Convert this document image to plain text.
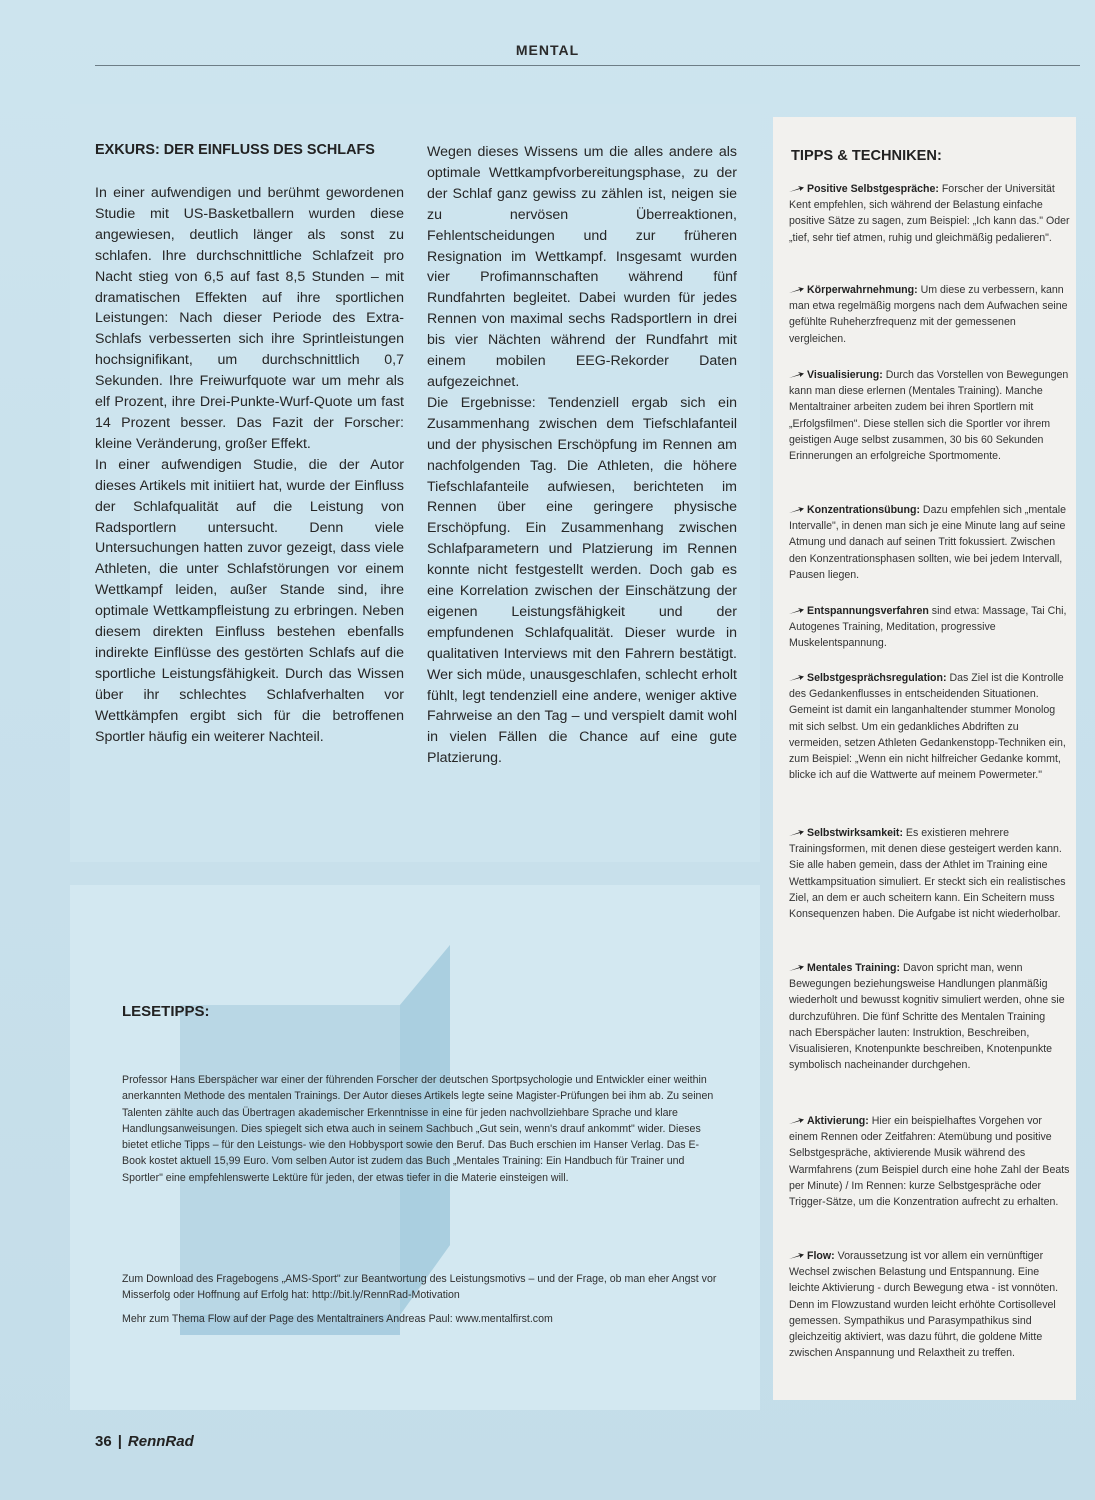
MENTAL
EXKURS: DER EINFLUSS DES SCHLAFS

In einer aufwendigen und berühmt gewordenen Studie mit US-Basketballern wurden diese angewiesen, deutlich länger als sonst zu schlafen. Ihre durchschnittliche Schlafzeit pro Nacht stieg von 6,5 auf fast 8,5 Stunden – mit dramatischen Effekten auf ihre sportlichen Leistungen: Nach dieser Periode des Extra-Schlafs verbesserten sich ihre Sprintleistungen hochsignifikant, um durchschnittlich 0,7 Sekunden. Ihre Freiwurfquote war um mehr als elf Prozent, ihre Drei-Punkte-Wurf-Quote um fast 14 Prozent besser. Das Fazit der Forscher: kleine Veränderung, großer Effekt.

In einer aufwendigen Studie, die der Autor dieses Artikels mit initiiert hat, wurde der Einfluss der Schlafqualität auf die Leistung von Radsportlern untersucht. Denn viele Untersuchungen hatten zuvor gezeigt, dass viele Athleten, die unter Schlafstörungen vor einem Wettkampf leiden, außer Stande sind, ihre optimale Wettkampfleistung zu erbringen. Neben diesem direkten Einfluss bestehen ebenfalls indirekte Einflüsse des gestörten Schlafs auf die sportliche Leistungsfähigkeit. Durch das Wissen über ihr schlechtes Schlafverhalten vor Wettkämpfen ergibt sich für die betroffenen Sportler häufig ein weiterer Nachteil.

Wegen dieses Wissens um die alles andere als optimale Wettkampfvorbereitungsphase, zu der der Schlaf ganz gewiss zu zählen ist, neigen sie zu nervösen Überreaktionen, Fehlentscheidungen und zur früheren Resignation im Wettkampf. Insgesamt wurden vier Profimannschaften während fünf Rundfahrten begleitet. Dabei wurden für jedes Rennen von maximal sechs Radsportlern in drei bis vier Nächten während der Rundfahrt mit einem mobilen EEG-Rekorder Daten aufgezeichnet.

Die Ergebnisse: Tendenziell ergab sich ein Zusammenhang zwischen dem Tiefschlafanteil und der physischen Erschöpfung im Rennen am nachfolgenden Tag. Die Athleten, die höhere Tiefschlafanteile aufwiesen, berichteten im Rennen über eine geringere physische Erschöpfung. Ein Zusammenhang zwischen Schlafparametern und Platzierung im Rennen konnte nicht festgestellt werden. Doch gab es eine Korrelation zwischen der Einschätzung der eigenen Leistungsfähigkeit und der empfundenen Schlafqualität. Dieser wurde in qualitativen Interviews mit den Fahrern bestätigt. Wer sich müde, unausgeschlafen, schlecht erholt fühlt, legt tendenziell eine andere, weniger aktive Fahrweise an den Tag – und verspielt damit wohl in vielen Fällen die Chance auf eine gute Platzierung.

LESETIPPS:

Professor Hans Eberspächer war einer der führenden Forscher der deutschen Sportpsychologie und Entwickler einer weithin anerkannten Methode des mentalen Trainings. Der Autor dieses Artikels legte seine Magister-Prüfungen bei ihm ab. Zu seinen Talenten zählte auch das Übertragen akademischer Erkenntnisse in eine für jeden nachvollziehbare Sprache und klare Handlungsanweisungen. Dies spiegelt sich etwa auch in seinem Sachbuch „Gut sein, wenn's drauf ankommt" wider. Dieses bietet etliche Tipps – für den Leistungs- wie den Hobbysport sowie den Beruf. Das Buch erschien im Hanser Verlag. Das E-Book kostet aktuell 15,99 Euro. Vom selben Autor ist zudem das Buch „Mentales Training: Ein Handbuch für Trainer und Sportler" eine empfehlenswerte Lektüre für jeden, der etwas tiefer in die Materie einsteigen will.

Zum Download des Fragebogens „AMS-Sport" zur Beantwortung des Leistungsmotivs – und der Frage, ob man eher Angst vor Misserfolg oder Hoffnung auf Erfolg hat: http://bit.ly/RennRad-Motivation

Mehr zum Thema Flow auf der Page des Mentaltrainers Andreas Paul: www.mentalfirst.com

TIPPS & TECHNIKEN:
Positive Selbstgespräche: Forscher der Universität Kent empfehlen, sich während der Belastung einfache positive Sätze zu sagen, zum Beispiel: „Ich kann das." Oder „tief, sehr tief atmen, ruhig und gleichmäßig pedalieren".
Körperwahrnehmung: Um diese zu verbessern, kann man etwa regelmäßig morgens nach dem Aufwachen seine gefühlte Ruheherzfrequenz mit der gemessenen vergleichen.
Visualisierung: Durch das Vorstellen von Bewegungen kann man diese erlernen (Mentales Training). Manche Mentaltrainer arbeiten zudem bei ihren Sportlern mit „Erfolgsfilmen". Diese stellen sich die Sportler vor ihrem geistigen Auge selbst zusammen, 30 bis 60 Sekunden Erinnerungen an erfolgreiche Sportmomente.
Konzentrationsübung: Dazu empfehlen sich „mentale Intervalle", in denen man sich je eine Minute lang auf seine Atmung und danach auf seinen Tritt fokussiert. Zwischen den Konzentrationsphasen sollten, wie bei jedem Intervall, Pausen liegen.
Entspannungsverfahren sind etwa: Massage, Tai Chi, Autogenes Training, Meditation, progressive Muskelentspannung.
Selbstgesprächsregulation: Das Ziel ist die Kontrolle des Gedankenflusses in entscheidenden Situationen. Gemeint ist damit ein langanhaltender stummer Monolog mit sich selbst. Um ein gedankliches Abdriften zu vermeiden, setzen Athleten Gedankenstopp-Techniken ein, zum Beispiel: „Wenn ein nicht hilfreicher Gedanke kommt, blicke ich auf die Wattwerte auf meinem Powermeter."
Selbstwirksamkeit: Es existieren mehrere Trainingsformen, mit denen diese gesteigert werden kann. Sie alle haben gemein, dass der Athlet im Training eine Wettkampsituation simuliert. Er steckt sich ein realistisches Ziel, an dem er auch scheitern kann. Ein Scheitern muss Konsequenzen haben. Die Aufgabe ist nicht wiederholbar.
Mentales Training: Davon spricht man, wenn Bewegungen beziehungsweise Handlungen planmäßig wiederholt und bewusst kognitiv simuliert werden, ohne sie durchzuführen. Die fünf Schritte des Mentalen Training nach Eberspächer lauten: Instruktion, Beschreiben, Visualisieren, Knotenpunkte beschreiben, Knotenpunkte symbolisch nacheinander durchgehen.
Aktivierung: Hier ein beispielhaftes Vorgehen vor einem Rennen oder Zeitfahren: Atemübung und positive Selbstgespräche, aktivierende Musik während des Warmfahrens (zum Beispiel durch eine hohe Zahl der Beats per Minute) / Im Rennen: kurze Selbstgespräche oder Trigger-Sätze, um die Konzentration aufrecht zu erhalten.
Flow: Voraussetzung ist vor allem ein vernünftiger Wechsel zwischen Belastung und Entspannung. Eine leichte Aktivierung - durch Bewegung etwa - ist vonnöten. Denn im Flowzustand wurden leicht erhöhte Cortisollevel gemessen. Sympathikus und Parasympathikus sind gleichzeitig aktiviert, was dazu führt, die goldene Mitte zwischen Anspannung und Relaxtheit zu treffen.
36 | RennRad
